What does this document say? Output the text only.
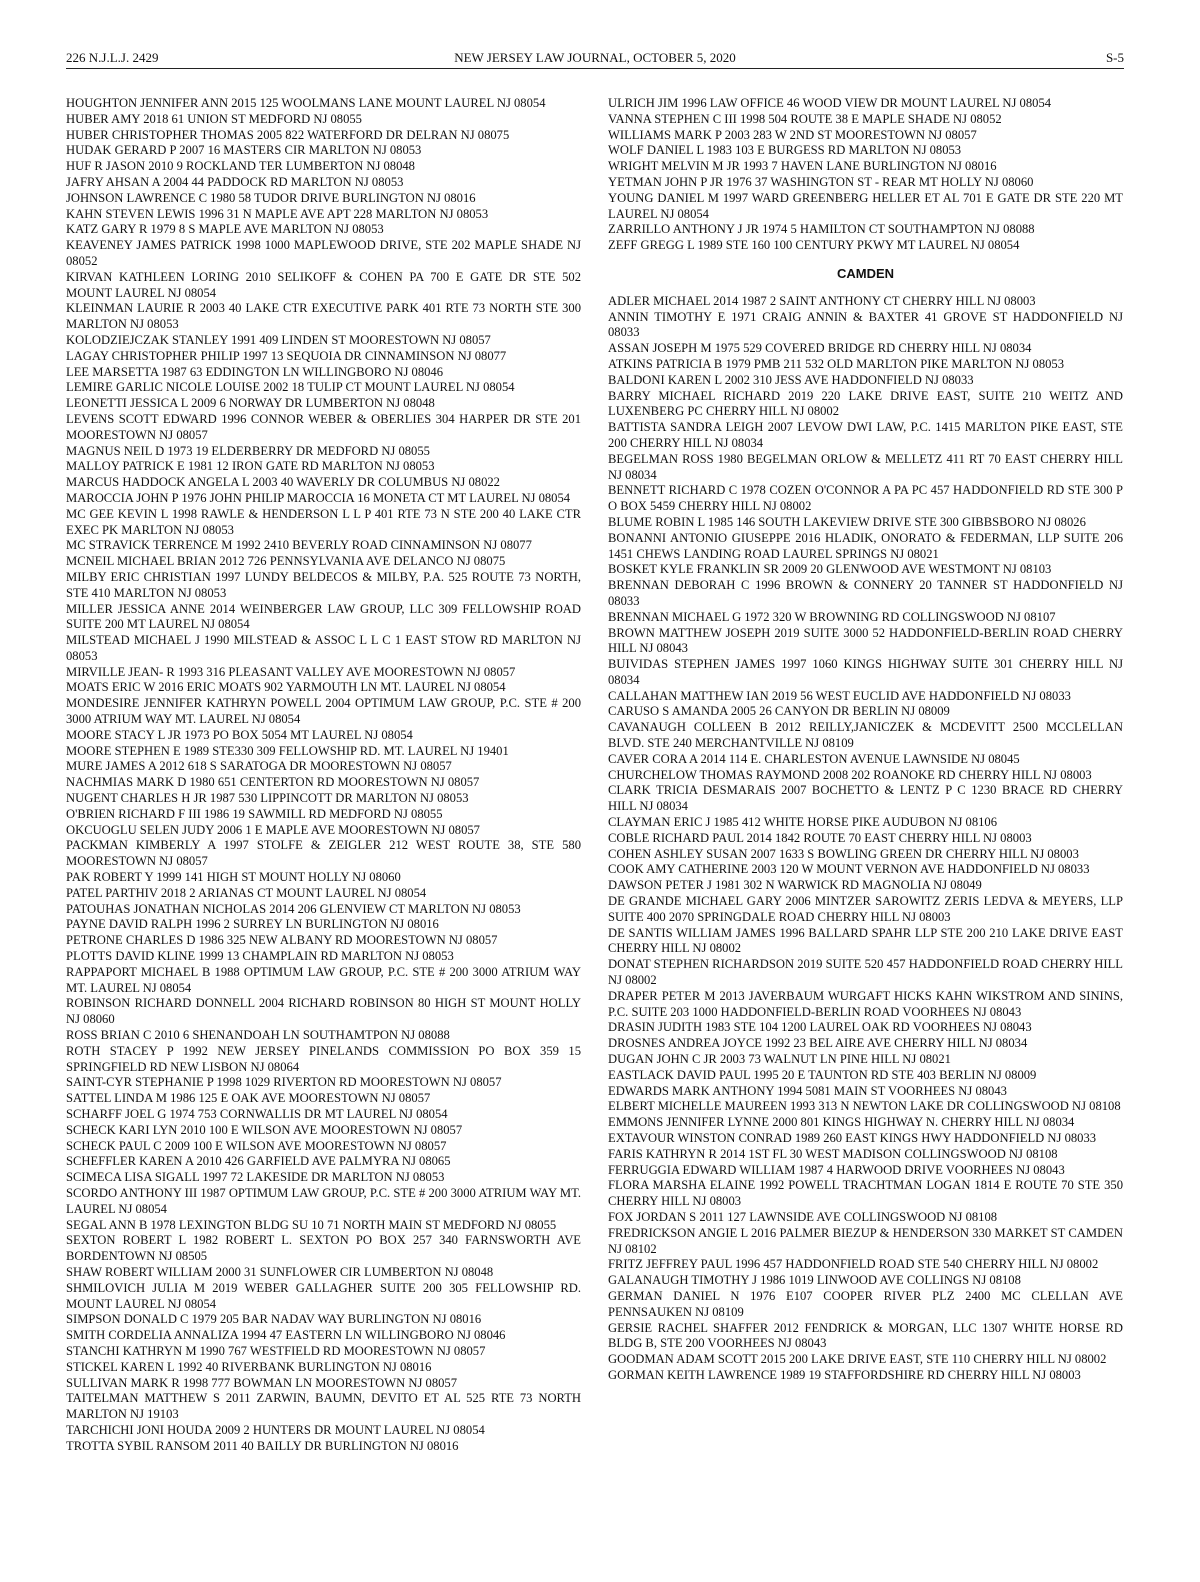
226 N.J.L.J. 2429	NEW JERSEY LAW JOURNAL, OCTOBER 5, 2020	S-5
HOUGHTON JENNIFER ANN 2015 125 WOOLMANS LANE MOUNT LAUREL NJ 08054
HUBER AMY 2018 61 UNION ST MEDFORD NJ 08055
HUBER CHRISTOPHER THOMAS 2005 822 WATERFORD DR DELRAN NJ 08075
HUDAK GERARD P 2007 16 MASTERS CIR MARLTON NJ 08053
HUF R JASON 2010 9 ROCKLAND TER LUMBERTON NJ 08048
JAFRY AHSAN A 2004 44 PADDOCK RD MARLTON NJ 08053
JOHNSON LAWRENCE C 1980 58 TUDOR DRIVE BURLINGTON NJ 08016
KAHN STEVEN LEWIS 1996 31 N MAPLE AVE APT 228 MARLTON NJ 08053
KATZ GARY R 1979 8 S MAPLE AVE MARLTON NJ 08053
KEAVENEY JAMES PATRICK 1998 1000 MAPLEWOOD DRIVE, STE 202 MAPLE SHADE NJ 08052
KIRVAN KATHLEEN LORING 2010 SELIKOFF & COHEN PA 700 E GATE DR STE 502 MOUNT LAUREL NJ 08054
KLEINMAN LAURIE R 2003 40 LAKE CTR EXECUTIVE PARK 401 RTE 73 NORTH STE 300 MARLTON NJ 08053
KOLODZIEJCZAK STANLEY 1991 409 LINDEN ST MOORESTOWN NJ 08057
LAGAY CHRISTOPHER PHILIP 1997 13 SEQUOIA DR CINNAMINSON NJ 08077
LEE MARSETTA 1987 63 EDDINGTON LN WILLINGBORO NJ 08046
LEMIRE GARLIC NICOLE LOUISE 2002 18 TULIP CT MOUNT LAUREL NJ 08054
LEONETTI JESSICA L 2009 6 NORWAY DR LUMBERTON NJ 08048
LEVENS SCOTT EDWARD 1996 CONNOR WEBER & OBERLIES 304 HARPER DR STE 201 MOORESTOWN NJ 08057
MAGNUS NEIL D 1973 19 ELDERBERRY DR MEDFORD NJ 08055
MALLOY PATRICK E 1981 12 IRON GATE RD MARLTON NJ 08053
MARCUS HADDOCK ANGELA L 2003 40 WAVERLY DR COLUMBUS NJ 08022
MAROCCIA JOHN P 1976 JOHN PHILIP MAROCCIA 16 MONETA CT MT LAUREL NJ 08054
MC GEE KEVIN L 1998 RAWLE & HENDERSON L L P 401 RTE 73 N STE 200 40 LAKE CTR EXEC PK MARLTON NJ 08053
MC STRAVICK TERRENCE M 1992 2410 BEVERLY ROAD CINNAMINSON NJ 08077
MCNEIL MICHAEL BRIAN 2012 726 PENNSYLVANIA AVE DELANCO NJ 08075
MILBY ERIC CHRISTIAN 1997 LUNDY BELDECOS & MILBY, P.A. 525 ROUTE 73 NORTH, STE 410 MARLTON NJ 08053
MILLER JESSICA ANNE 2014 WEINBERGER LAW GROUP, LLC 309 FELLOWSHIP ROAD SUITE 200 MT LAUREL NJ 08054
MILSTEAD MICHAEL J 1990 MILSTEAD & ASSOC L L C 1 EAST STOW RD MARLTON NJ 08053
MIRVILLE JEAN- R 1993 316 PLEASANT VALLEY AVE MOORESTOWN NJ 08057
MOATS ERIC W 2016 ERIC MOATS 902 YARMOUTH LN MT. LAUREL NJ 08054
MONDESIRE JENNIFER KATHRYN POWELL 2004 OPTIMUM LAW GROUP, P.C. STE # 200 3000 ATRIUM WAY MT. LAUREL NJ 08054
MOORE STACY L JR 1973 PO BOX 5054 MT LAUREL NJ 08054
MOORE STEPHEN E 1989 STE330 309 FELLOWSHIP RD. MT. LAUREL NJ 19401
MURE JAMES A 2012 618 S SARATOGA DR MOORESTOWN NJ 08057
NACHMIAS MARK D 1980 651 CENTERTON RD MOORESTOWN NJ 08057
NUGENT CHARLES H JR 1987 530 LIPPINCOTT DR MARLTON NJ 08053
O'BRIEN RICHARD F III 1986 19 SAWMILL RD MEDFORD NJ 08055
OKCUOGLU SELEN JUDY 2006 1 E MAPLE AVE MOORESTOWN NJ 08057
PACKMAN KIMBERLY A 1997 STOLFE & ZEIGLER 212 WEST ROUTE 38, STE 580 MOORESTOWN NJ 08057
PAK ROBERT Y 1999 141 HIGH ST MOUNT HOLLY NJ 08060
PATEL PARTHIV 2018 2 ARIANAS CT MOUNT LAUREL NJ 08054
PATOUHAS JONATHAN NICHOLAS 2014 206 GLENVIEW CT MARLTON NJ 08053
PAYNE DAVID RALPH 1996 2 SURREY LN BURLINGTON NJ 08016
PETRONE CHARLES D 1986 325 NEW ALBANY RD MOORESTOWN NJ 08057
PLOTTS DAVID KLINE 1999 13 CHAMPLAIN RD MARLTON NJ 08053
RAPPAPORT MICHAEL B 1988 OPTIMUM LAW GROUP, P.C. STE # 200 3000 ATRIUM WAY MT. LAUREL NJ 08054
ROBINSON RICHARD DONNELL 2004 RICHARD ROBINSON 80 HIGH ST MOUNT HOLLY NJ 08060
ROSS BRIAN C 2010 6 SHENANDOAH LN SOUTHAMTPON NJ 08088
ROTH STACEY P 1992 NEW JERSEY PINELANDS COMMISSION PO BOX 359 15 SPRINGFIELD RD NEW LISBON NJ 08064
SAINT-CYR STEPHANIE P 1998 1029 RIVERTON RD MOORESTOWN NJ 08057
SATTEL LINDA M 1986 125 E OAK AVE MOORESTOWN NJ 08057
SCHARFF JOEL G 1974 753 CORNWALLIS DR MT LAUREL NJ 08054
SCHECK KARI LYN 2010 100 E WILSON AVE MOORESTOWN NJ 08057
SCHECK PAUL C 2009 100 E WILSON AVE MOORESTOWN NJ 08057
SCHEFFLER KAREN A 2010 426 GARFIELD AVE PALMYRA NJ 08065
SCIMECA LISA SIGALL 1997 72 LAKESIDE DR MARLTON NJ 08053
SCORDO ANTHONY III 1987 OPTIMUM LAW GROUP, P.C. STE # 200 3000 ATRIUM WAY MT. LAUREL NJ 08054
SEGAL ANN B 1978 LEXINGTON BLDG SU 10 71 NORTH MAIN ST MEDFORD NJ 08055
SEXTON ROBERT L 1982 ROBERT L. SEXTON PO BOX 257 340 FARNSWORTH AVE BORDENTOWN NJ 08505
SHAW ROBERT WILLIAM 2000 31 SUNFLOWER CIR LUMBERTON NJ 08048
SHMILOVICH JULIA M 2019 WEBER GALLAGHER SUITE 200 305 FELLOWSHIP RD. MOUNT LAUREL NJ 08054
SIMPSON DONALD C 1979 205 BAR NADAV WAY BURLINGTON NJ 08016
SMITH CORDELIA ANNALIZA 1994 47 EASTERN LN WILLINGBORO NJ 08046
STANCHI KATHRYN M 1990 767 WESTFIELD RD MOORESTOWN NJ 08057
STICKEL KAREN L 1992 40 RIVERBANK BURLINGTON NJ 08016
SULLIVAN MARK R 1998 777 BOWMAN LN MOORESTOWN NJ 08057
TAITELMAN MATTHEW S 2011 ZARWIN, BAUMN, DEVITO ET AL 525 RTE 73 NORTH MARLTON NJ 19103
TARCHICHI JONI HOUDA 2009 2 HUNTERS DR MOUNT LAUREL NJ 08054
TROTTA SYBIL RANSOM 2011 40 BAILLY DR BURLINGTON NJ 08016
ULRICH JIM 1996 LAW OFFICE 46 WOOD VIEW DR MOUNT LAUREL NJ 08054
VANNA STEPHEN C III 1998 504 ROUTE 38 E MAPLE SHADE NJ 08052
WILLIAMS MARK P 2003 283 W 2ND ST MOORESTOWN NJ 08057
WOLF DANIEL L 1983 103 E BURGESS RD MARLTON NJ 08053
WRIGHT MELVIN M JR 1993 7 HAVEN LANE BURLINGTON NJ 08016
YETMAN JOHN P JR 1976 37 WASHINGTON ST - REAR MT HOLLY NJ 08060
YOUNG DANIEL M 1997 WARD GREENBERG HELLER ET AL 701 E GATE DR STE 220 MT LAUREL NJ 08054
ZARRILLO ANTHONY J JR 1974 5 HAMILTON CT SOUTHAMPTON NJ 08088
ZEFF GREGG L 1989 STE 160 100 CENTURY PKWY MT LAUREL NJ 08054
CAMDEN
ADLER MICHAEL 2014 1987 2 SAINT ANTHONY CT CHERRY HILL NJ 08003
ANNIN TIMOTHY E 1971 CRAIG ANNIN & BAXTER 41 GROVE ST HADDONFIELD NJ 08033
ASSAN JOSEPH M 1975 529 COVERED BRIDGE RD CHERRY HILL NJ 08034
ATKINS PATRICIA B 1979 PMB 211 532 OLD MARLTON PIKE MARLTON NJ 08053
BALDONI KAREN L 2002 310 JESS AVE HADDONFIELD NJ 08033
BARRY MICHAEL RICHARD 2019 220 LAKE DRIVE EAST, SUITE 210 WEITZ AND LUXENBERG PC CHERRY HILL NJ 08002
BATTISTA SANDRA LEIGH 2007 LEVOW DWI LAW, P.C. 1415 MARLTON PIKE EAST, STE 200 CHERRY HILL NJ 08034
BEGELMAN ROSS 1980 BEGELMAN ORLOW & MELLETZ 411 RT 70 EAST CHERRY HILL NJ 08034
BENNETT RICHARD C 1978 COZEN O'CONNOR A PA PC 457 HADDONFIELD RD STE 300 P O BOX 5459 CHERRY HILL NJ 08002
BLUME ROBIN L 1985 146 SOUTH LAKEVIEW DRIVE STE 300 GIBBSBORO NJ 08026
BONANNI ANTONIO GIUSEPPE 2016 HLADIK, ONORATO & FEDERMAN, LLP SUITE 206 1451 CHEWS LANDING ROAD LAUREL SPRINGS NJ 08021
BOSKET KYLE FRANKLIN SR 2009 20 GLENWOOD AVE WESTMONT NJ 08103
BRENNAN DEBORAH C 1996 BROWN & CONNERY 20 TANNER ST HADDONFIELD NJ 08033
BRENNAN MICHAEL G 1972 320 W BROWNING RD COLLINGSWOOD NJ 08107
BROWN MATTHEW JOSEPH 2019 SUITE 3000 52 HADDONFIELD-BERLIN ROAD CHERRY HILL NJ 08043
BUIVIDAS STEPHEN JAMES 1997 1060 KINGS HIGHWAY SUITE 301 CHERRY HILL NJ 08034
CALLAHAN MATTHEW IAN 2019 56 WEST EUCLID AVE HADDONFIELD NJ 08033
CARUSO S AMANDA 2005 26 CANYON DR BERLIN NJ 08009
CAVANAUGH COLLEEN B 2012 REILLY,JANICZEK & MCDEVITT 2500 MCCLELLAN BLVD. STE 240 MERCHANTVILLE NJ 08109
CAVER CORA A 2014 114 E. CHARLESTON AVENUE LAWNSIDE NJ 08045
CHURCHELOW THOMAS RAYMOND 2008 202 ROANOKE RD CHERRY HILL NJ 08003
CLARK TRICIA DESMARAIS 2007 BOCHETTO & LENTZ P C 1230 BRACE RD CHERRY HILL NJ 08034
CLAYMAN ERIC J 1985 412 WHITE HORSE PIKE AUDUBON NJ 08106
COBLE RICHARD PAUL 2014 1842 ROUTE 70 EAST CHERRY HILL NJ 08003
COHEN ASHLEY SUSAN 2007 1633 S BOWLING GREEN DR CHERRY HILL NJ 08003
COOK AMY CATHERINE 2003 120 W MOUNT VERNON AVE HADDONFIELD NJ 08033
DAWSON PETER J 1981 302 N WARWICK RD MAGNOLIA NJ 08049
DE GRANDE MICHAEL GARY 2006 MINTZER SAROWITZ ZERIS LEDVA & MEYERS, LLP SUITE 400 2070 SPRINGDALE ROAD CHERRY HILL NJ 08003
DE SANTIS WILLIAM JAMES 1996 BALLARD SPAHR LLP STE 200 210 LAKE DRIVE EAST CHERRY HILL NJ 08002
DONAT STEPHEN RICHARDSON 2019 SUITE 520 457 HADDONFIELD ROAD CHERRY HILL NJ 08002
DRAPER PETER M 2013 JAVERBAUM WURGAFT HICKS KAHN WIKSTROM AND SININS, P.C. SUITE 203 1000 HADDONFIELD-BERLIN ROAD VOORHEES NJ 08043
DRASIN JUDITH 1983 STE 104 1200 LAUREL OAK RD VOORHEES NJ 08043
DROSNES ANDREA JOYCE 1992 23 BEL AIRE AVE CHERRY HILL NJ 08034
DUGAN JOHN C JR 2003 73 WALNUT LN PINE HILL NJ 08021
EASTLACK DAVID PAUL 1995 20 E TAUNTON RD STE 403 BERLIN NJ 08009
EDWARDS MARK ANTHONY 1994 5081 MAIN ST VOORHEES NJ 08043
ELBERT MICHELLE MAUREEN 1993 313 N NEWTON LAKE DR COLLINGSWOOD NJ 08108
EMMONS JENNIFER LYNNE 2000 801 KINGS HIGHWAY N. CHERRY HILL NJ 08034
EXTAVOUR WINSTON CONRAD 1989 260 EAST KINGS HWY HADDONFIELD NJ 08033
FARIS KATHRYN R 2014 1ST FL 30 WEST MADISON COLLINGSWOOD NJ 08108
FERRUGGIA EDWARD WILLIAM 1987 4 HARWOOD DRIVE VOORHEES NJ 08043
FLORA MARSHA ELAINE 1992 POWELL TRACHTMAN LOGAN 1814 E ROUTE 70 STE 350 CHERRY HILL NJ 08003
FOX JORDAN S 2011 127 LAWNSIDE AVE COLLINGSWOOD NJ 08108
FREDRICKSON ANGIE L 2016 PALMER BIEZUP & HENDERSON 330 MARKET ST CAMDEN NJ 08102
FRITZ JEFFREY PAUL 1996 457 HADDONFIELD ROAD STE 540 CHERRY HILL NJ 08002
GALANAUGH TIMOTHY J 1986 1019 LINWOOD AVE COLLINGS NJ 08108
GERMAN DANIEL N 1976 E107 COOPER RIVER PLZ 2400 MC CLELLAN AVE PENNSAUKEN NJ 08109
GERSIE RACHEL SHAFFER 2012 FENDRICK & MORGAN, LLC 1307 WHITE HORSE RD BLDG B, STE 200 VOORHEES NJ 08043
GOODMAN ADAM SCOTT 2015 200 LAKE DRIVE EAST, STE 110 CHERRY HILL NJ 08002
GORMAN KEITH LAWRENCE 1989 19 STAFFORDSHIRE RD CHERRY HILL NJ 08003
